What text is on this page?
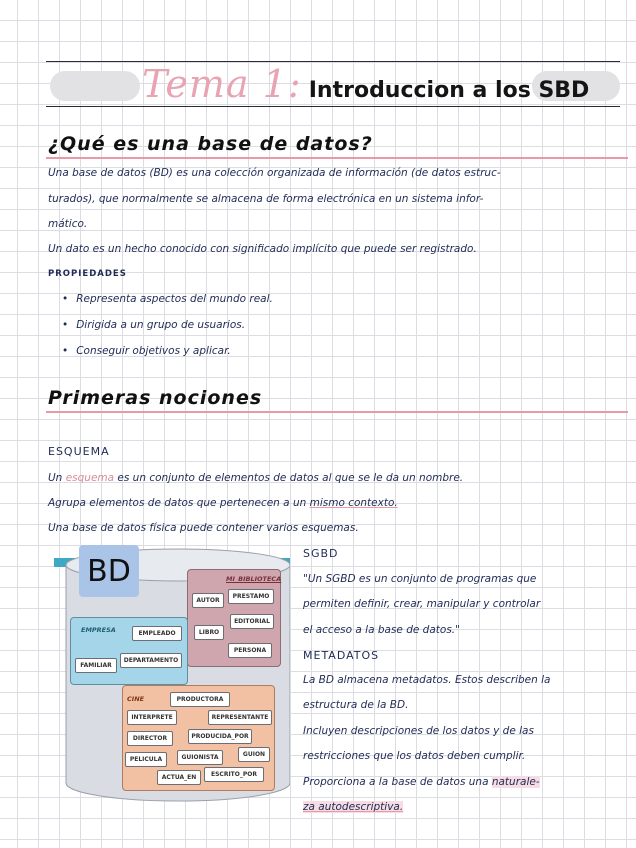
Tema 1: Introduccion a los SBD
¿Qué es una base de datos?
Una base de datos (BD) es una colección organizada de información (de datos estruc-
turados), que normalmente se almacena de forma electrónica en un sistema infor-
mático.
Un dato es un hecho conocido con significado implícito que puede ser registrado.
PROPIEDADES
• Representa aspectos del mundo real.
• Dirigida a un grupo de usuarios.
• Conseguir objetivos y aplicar.
Primeras nociones
ESQUEMA
Un esquema es un conjunto de elementos de datos al que se le da un nombre.
Agrupa elementos de datos que pertenecen a un mismo contexto.
Una base de datos física puede contener varios esquemas.
SGBD
"Un SGBD es un conjunto de programas que
permiten definir, crear, manipular y controlar
el acceso a la base de datos."
METADATOS
La BD almacena metadatos. Estos describen la
estructura de la BD.
Incluyen descripciones de los datos y de las
restricciones que los datos deben cumplir.
Proporciona a la base de datos una naturale-
za autodescriptiva.
BD	MI_BIBLIOTECA
AUTOR
PRESTAMO
EDITORIAL
LIBRO
PERSONA
EMPRESA	EMPLEADO
DEPARTAMENTO
FAMILIAR
CINE	PRODUCTORA
INTERPRETE	REPRESENTANTE
DIRECTOR	PRODUCIDA_POR
PELICULA	GUIONISTA	GUION
ACTUA_EN	ESCRITO_POR
